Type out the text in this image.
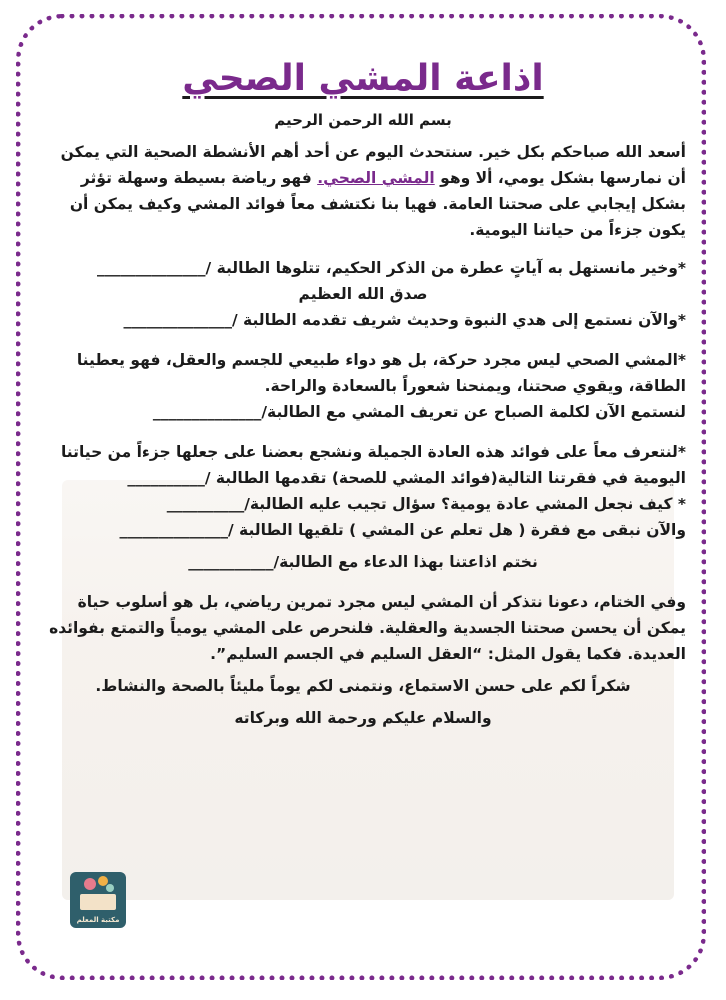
اذاعة المشي الصحي
بسم الله الرحمن الرحيم

أسعد الله صباحكم بكل خير. سنتحدث اليوم عن أحد أهم الأنشطة الصحية التي يمكن أن نمارسها بشكل يومي، ألا وهو المشي الصحي. فهو رياضة بسيطة وسهلة تؤثر بشكل إيجابي على صحتنا العامة. فهيا بنا نكتشف معاً فوائد المشي وكيف يمكن أن يكون جزءاً من حياتنا اليومية.

*وخير مانستهل به آياتٍ عطرة من الذكر الحكيم، تتلوها الطالبة /______________

صدق الله العظيم

*والآن نستمع إلى هدي النبوة وحديث شريف تقدمه الطالبة /______________

*المشي الصحي ليس مجرد حركة، بل هو دواء طبيعي للجسم والعقل، فهو يعطينا الطاقة، ويقوي صحتنا، ويمنحنا شعوراً بالسعادة والراحة.

لنستمع الآن لكلمة الصباح عن تعريف المشي مع الطالبة/______________

*لنتعرف معاً على فوائد هذه العادة الجميلة ونشجع بعضنا على جعلها جزءاً من حياتنا اليومية في فقرتنا التالية(فوائد المشي للصحة) تقدمها الطالبة /__________

* كيف نجعل المشي عادة يومية؟ سؤال تجيب عليه الطالبة/__________

والآن نبقى مع فقرة ( هل تعلم عن المشي ) تلقيها الطالبة /______________

نختم اذاعتنا بهذا الدعاء مع الطالبة/___________

وفي الختام، دعونا نتذكر أن المشي ليس مجرد تمرين رياضي، بل هو أسلوب حياة يمكن أن يحسن صحتنا الجسدية والعقلية. فلنحرص على المشي يومياً والتمتع بفوائده العديدة. فكما يقول المثل: “العقل السليم في الجسم السليم”.

شكراً لكم على حسن الاستماع، ونتمنى لكم يوماً مليئاً بالصحة والنشاط.

والسلام عليكم ورحمة الله وبركاته

مكتبة المعلم
